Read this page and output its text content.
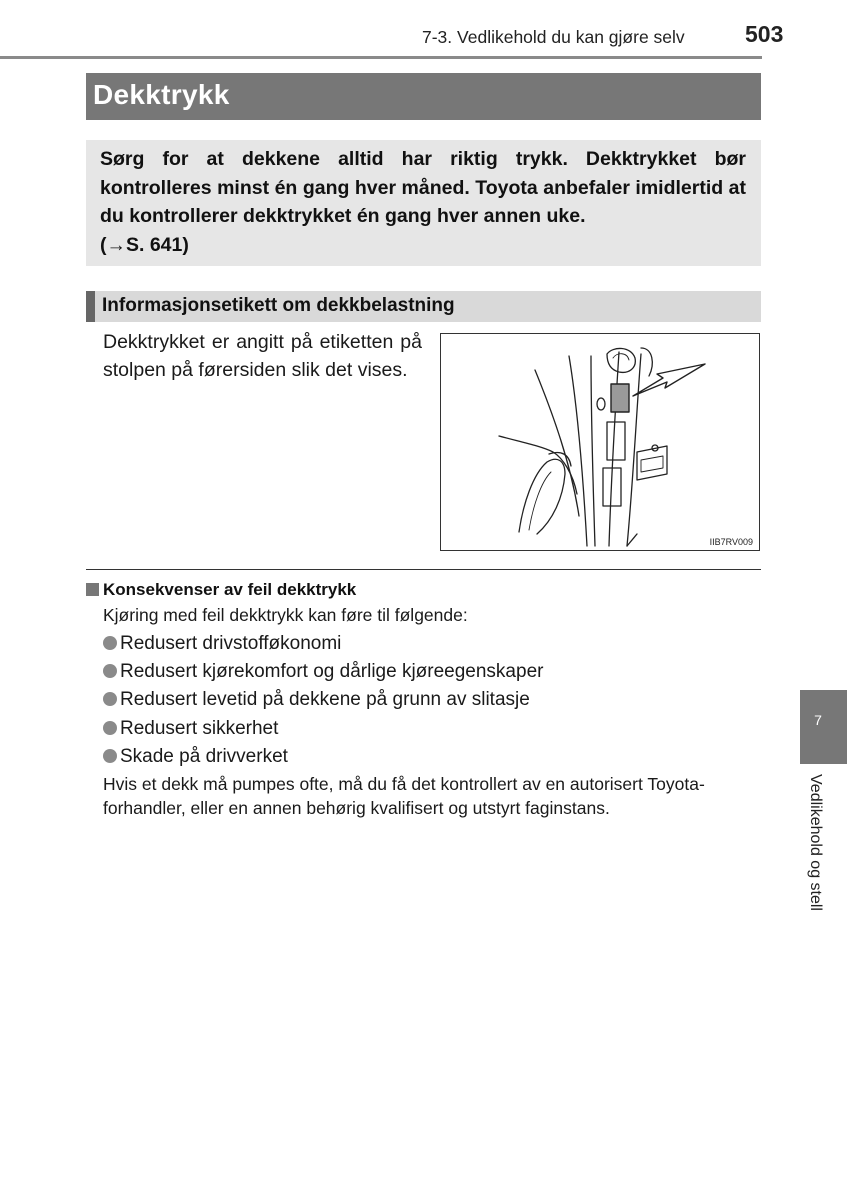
7-3. Vedlikehold du kan gjøre selv	503
Dekktrykk
Sørg for at dekkene alltid har riktig trykk. Dekktrykket bør kontrolleres minst én gang hver måned. Toyota anbefaler imidlertid at du kontrollerer dekktrykket én gang hver annen uke.
(→S. 641)
Informasjonsetikett om dekkbelastning
Dekktrykket er angitt på etiketten på stolpen på førersiden slik det vises.
IIB7RV009
Konsekvenser av feil dekktrykk
Kjøring med feil dekktrykk kan føre til følgende:
Redusert drivstofføkonomi
Redusert kjørekomfort og dårlige kjøreegenskaper
Redusert levetid på dekkene på grunn av slitasje
Redusert sikkerhet
Skade på drivverket
Hvis et dekk må pumpes ofte, må du få det kontrollert av en autorisert Toyota-forhandler, eller en annen behørig kvalifisert og utstyrt faginstans.
7
Vedlikehold og stell
